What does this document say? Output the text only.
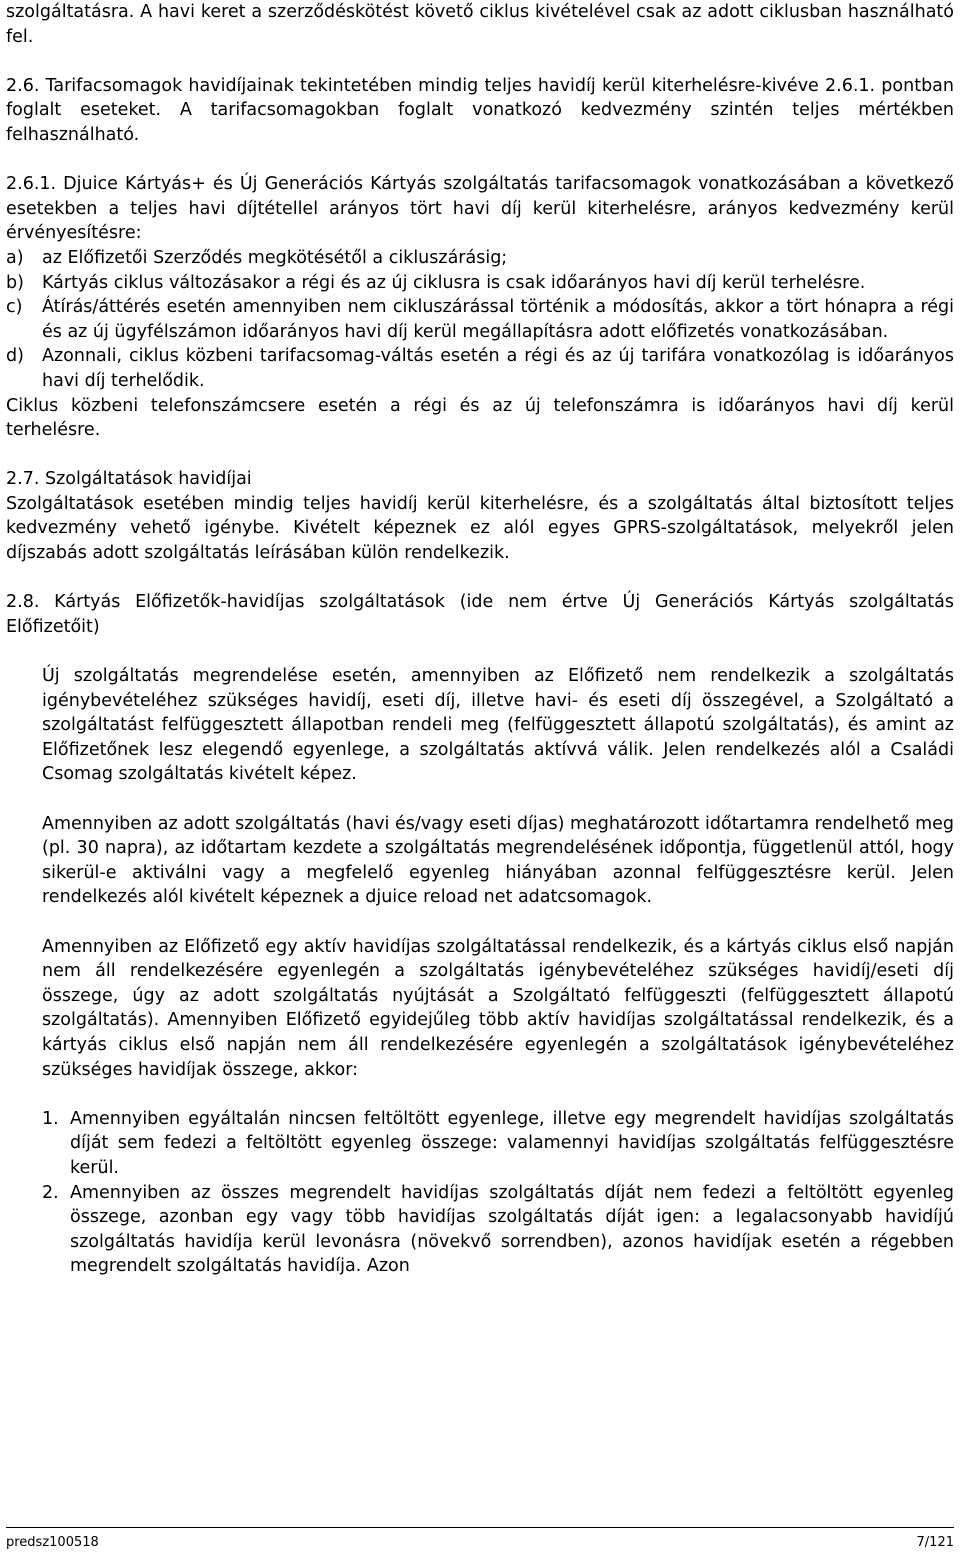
szolgáltatásra. A havi keret a szerződéskötést követő ciklus kivételével csak az adott ciklusban használható fel.

2.6. Tarifacsomagok havidíjainak tekintetében mindig teljes havidíj kerül kiterhelésre-kivéve 2.6.1. pontban foglalt eseteket. A tarifacsomagokban foglalt vonatkozó kedvezmény szintén teljes mértékben felhasználható.

2.6.1. Djuice Kártyás+ és Új Generációs Kártyás szolgáltatás tarifacsomagok vonatkozásában a következő esetekben a teljes havi díjtétellel arányos tört havi díj kerül kiterhelésre, arányos kedvezmény kerül érvényesítésre:

a)	az Előfizetői Szerződés megkötésétől a cikluszárásig;
b)	Kártyás ciklus változásakor a régi és az új ciklusra is csak időarányos havi díj kerül terhelésre.
c)	Átírás/áttérés esetén amennyiben nem cikluszárással történik a módosítás, akkor a tört hónapra a régi és az új ügyfélszámon időarányos havi díj kerül megállapításra adott előfizetés vonatkozásában.
d)	Azonnali, ciklus közbeni tarifacsomag-váltás esetén a régi és az új tarifára vonatkozólag is időarányos havi díj terhelődik.

Ciklus közbeni telefonszámcsere esetén a régi és az új telefonszámra is időarányos havi díj kerül terhelésre.

2.7. Szolgáltatások havidíjai

Szolgáltatások esetében mindig teljes havidíj kerül kiterhelésre, és a szolgáltatás által biztosított teljes kedvezmény vehető igénybe. Kivételt képeznek ez alól egyes GPRS-szolgáltatások, melyekről jelen díjszabás adott szolgáltatás leírásában külön rendelkezik.

2.8. Kártyás Előfizetők-havidíjas szolgáltatások (ide nem értve Új Generációs Kártyás szolgáltatás Előfizetőit)

Új szolgáltatás megrendelése esetén, amennyiben az Előfizető nem rendelkezik a szolgáltatás igénybevételéhez szükséges havidíj, eseti díj, illetve havi- és eseti díj összegével, a Szolgáltató a szolgáltatást felfüggesztett állapotban rendeli meg (felfüggesztett állapotú szolgáltatás), és amint az Előfizetőnek lesz elegendő egyenlege, a szolgáltatás aktívvá válik. Jelen rendelkezés alól a Családi Csomag szolgáltatás kivételt képez.

Amennyiben az adott szolgáltatás (havi és/vagy eseti díjas) meghatározott időtartamra rendelhető meg (pl. 30 napra), az időtartam kezdete a szolgáltatás megrendelésének időpontja, függetlenül attól, hogy sikerül-e aktiválni vagy a megfelelő egyenleg hiányában azonnal felfüggesztésre kerül. Jelen rendelkezés alól kivételt képeznek a djuice reload net adatcsomagok.

Amennyiben az Előfizető egy aktív havidíjas szolgáltatással rendelkezik, és a kártyás ciklus első napján nem áll rendelkezésére egyenlegén a szolgáltatás igénybevételéhez szükséges havidíj/eseti díj összege, úgy az adott szolgáltatás nyújtását a Szolgáltató felfüggeszti (felfüggesztett állapotú szolgáltatás). Amennyiben Előfizető egyidejűleg több aktív havidíjas szolgáltatással rendelkezik, és a kártyás ciklus első napján nem áll rendelkezésére egyenlegén a szolgáltatások igénybevételéhez szükséges havidíjak összege, akkor:

1. Amennyiben egyáltalán nincsen feltöltött egyenlege, illetve egy megrendelt havidíjas szolgáltatás díját sem fedezi a feltöltött egyenleg összege: valamennyi havidíjas szolgáltatás felfüggesztésre kerül.
2. Amennyiben az összes megrendelt havidíjas szolgáltatás díját nem fedezi a feltöltött egyenleg összege, azonban egy vagy több havidíjas szolgáltatás díját igen: a legalacsonyabb havidíjú szolgáltatás havidíja kerül levonásra (növekvő sorrendben), azonos havidíjak esetén a régebben megrendelt szolgáltatás havidíja. Azon
predsz100518	7/121
